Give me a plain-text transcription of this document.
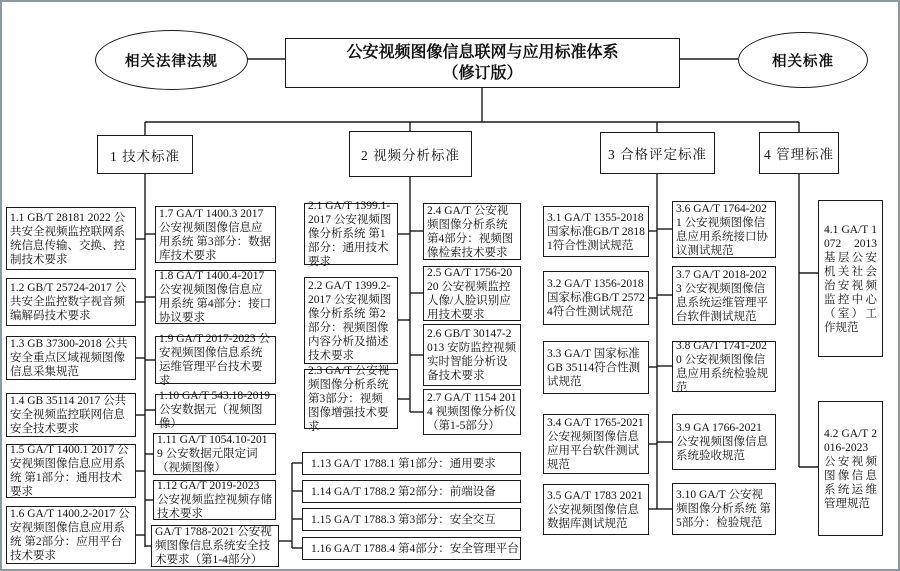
相关法律法规
公安视频图像信息联网与应用标准体系
（修订版）
相关标准
1 技术标准	2 视频分析标准	3 合格评定标准	4 管理标准
1.1 GB/T 28181 2022 公共安全视频监控联网系统信息传输、交换、控制技术要求
1.2 GB/T 25724-2017 公共安全监控数字视音频编解码技术要求
1.3 GB 37300-2018 公共安全重点区域视频图像信息采集规范
1.4 GB 35114 2017 公共安全视频监控联网信息安全技术要求
1.5 GA/T 1400.1 2017 公安视频图像信息应用系统 第1部分：通用技术要求
1.6 GA/T 1400.2-2017 公安视频图像信息应用系统 第2部分：应用平台技术要求
1.7 GA/T 1400.3 2017 公安视频图像信息应用系统 第3部分：数据库技术要求
1.8 GA/T 1400.4-2017 公安视频图像信息应用系统 第4部分：接口协议要求
1.9 GA/T 2017-2023 公安视频图像信息系统运维管理平台技术要求
1.10 GA/T 543.18-2019 公安数据元（视频图像）
1.11 GA/T 1054.10-2019 公安数据元限定词（视频图像）
1.12 GA/T 2019-2023 公安视频监控视频存储技术要求
GA/T 1788-2021 公安视频图像信息系统安全技术要求（第1-4部分）
2.1 GA/T 1399.1-2017 公安视频图像分析系统 第1部分：通用技术要求
2.2 GA/T 1399.2-2017 公安视频图像分析系统 第2部分：视频图像内容分析及描述技术要求
2.3 GA/T 公安视频图像分析系统 第3部分：视频图像增强技术要求
2.4 GA/T 公安视频图像分析系统 第4部分：视频图像检索技术要求
2.5 GA/T 1756-2020 公安视频监控人像/人脸识别应用技术要求
2.6 GB/T 30147-2013 安防监控视频实时智能分析设备技术要求
2.7 GA/T 1154 2014 视频图像分析仪（第1-5部分）
1.13 GA/T 1788.1 第1部分：通用要求
1.14 GA/T 1788.2 第2部分：前端设备
1.15 GA/T 1788.3 第3部分：安全交互
1.16 GA/T 1788.4 第4部分：安全管理平台
3.1 GA/T 1355-2018 国家标准GB/T 28181符合性测试规范
3.2 GA/T 1356-2018 国家标准GB/T 25724符合性测试规范
3.3 GA/T 国家标准 GB 35114符合性测试规范
3.4 GA/T 1765-2021 公安视频图像信息应用平台软件测试规范
3.5 GA/T 1783 2021 公安视频图像信息数据库测试规范
3.6 GA/T 1764-2021 公安视频图像信息应用系统接口协议测试规范
3.7 GA/T 2018-2023 公安视频图像信息系统运维管理平台软件测试规范
3.8 GA/T 1741-2020 公安视频图像信息应用系统检验规范
3.9 GA 1766-2021 公安视频图像信息系统验收规范
3.10 GA/T 公安视频图像分析系统 第5部分：检验规范
4.1 GA/T 1072 2013 基层公安机关社会治安视频监控中心（室）工作规范
4.2 GA/T 2016-2023 公安视频图像信息系统运维管理规范
